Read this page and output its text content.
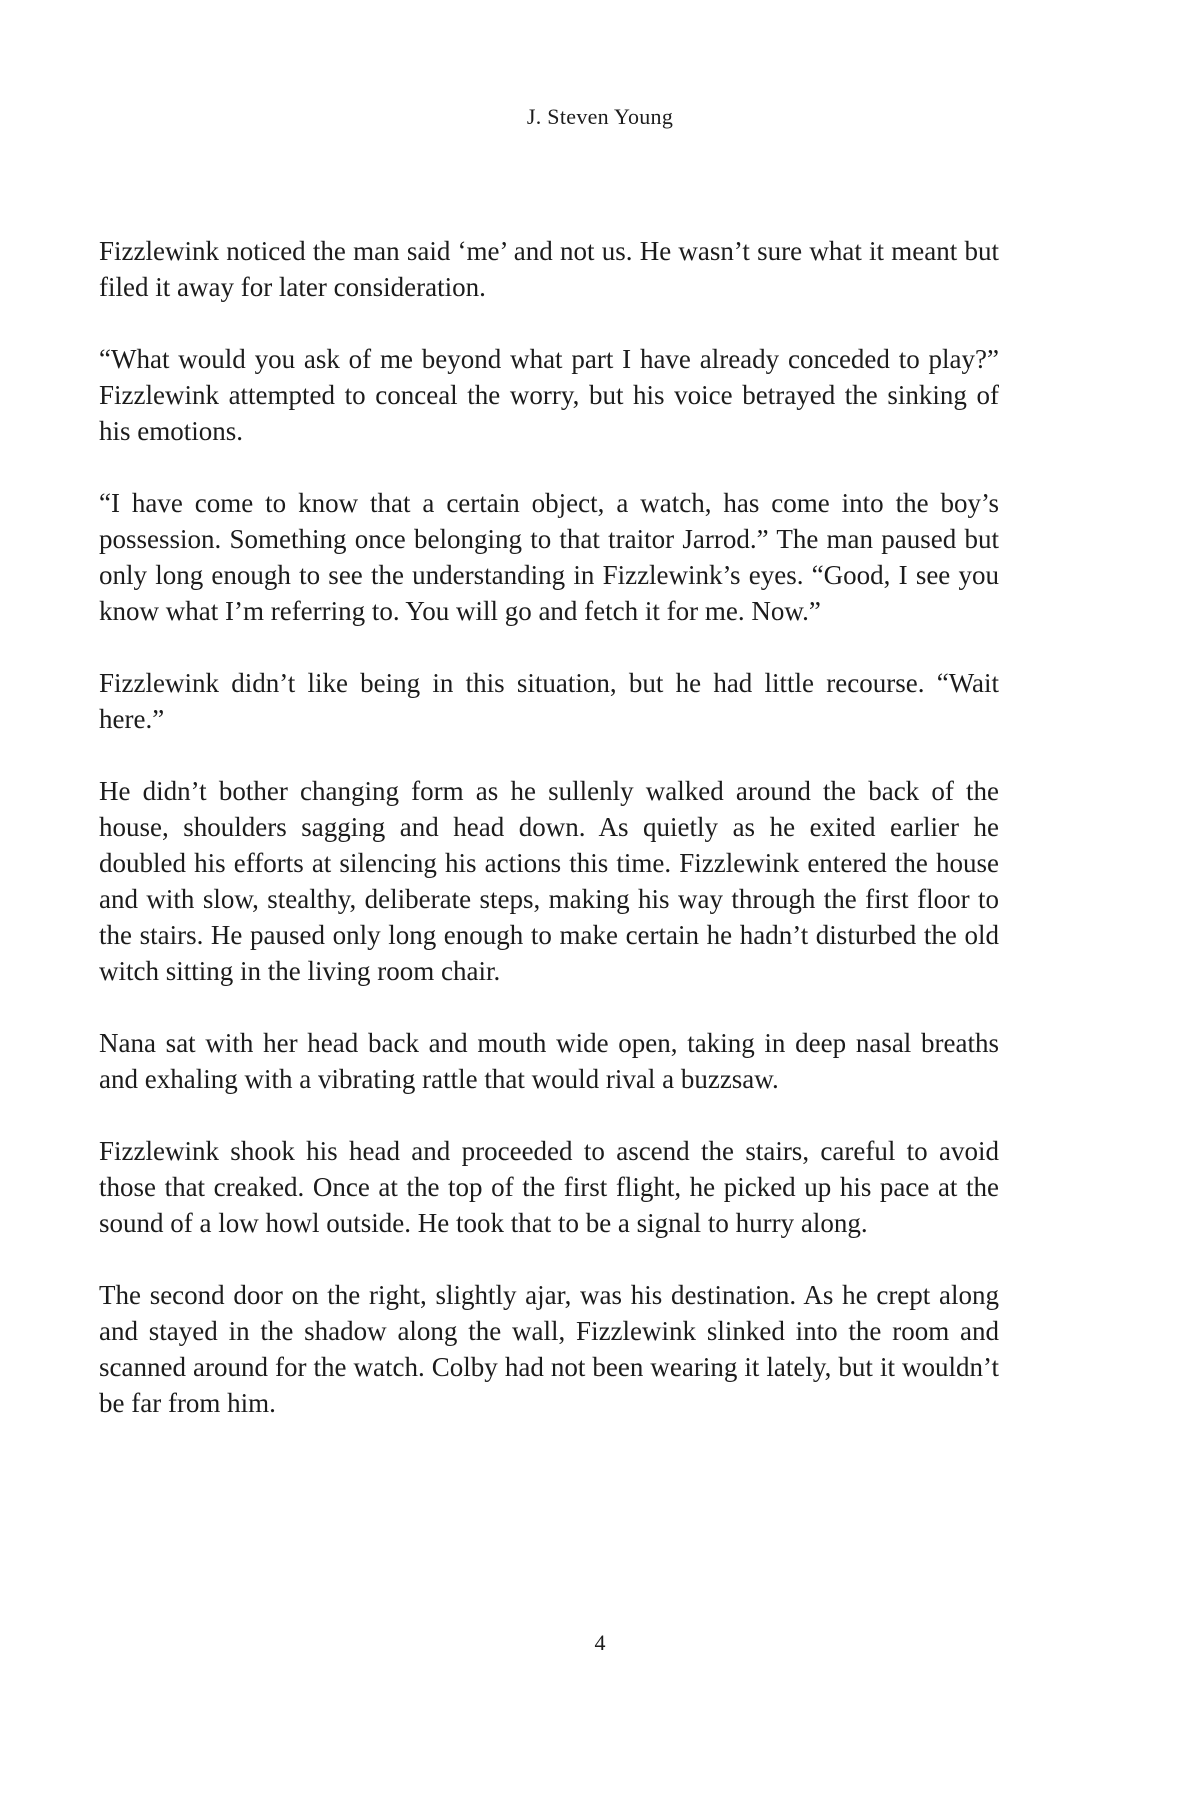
J. Steven Young

Fizzlewink noticed the man said ‘me’ and not us. He wasn’t sure what it meant but filed it away for later consideration.

“What would you ask of me beyond what part I have already conceded to play?” Fizzlewink attempted to conceal the worry, but his voice betrayed the sinking of his emotions.

“I have come to know that a certain object, a watch, has come into the boy’s possession. Something once belonging to that traitor Jarrod.” The man paused but only long enough to see the understanding in Fizzlewink’s eyes. “Good, I see you know what I’m referring to. You will go and fetch it for me. Now.”

Fizzlewink didn’t like being in this situation, but he had little recourse. “Wait here.”

He didn’t bother changing form as he sullenly walked around the back of the house, shoulders sagging and head down. As quietly as he exited earlier he doubled his efforts at silencing his actions this time. Fizzlewink entered the house and with slow, stealthy, deliberate steps, making his way through the first floor to the stairs. He paused only long enough to make certain he hadn’t disturbed the old witch sitting in the living room chair.

Nana sat with her head back and mouth wide open, taking in deep nasal breaths and exhaling with a vibrating rattle that would rival a buzzsaw.

Fizzlewink shook his head and proceeded to ascend the stairs, careful to avoid those that creaked. Once at the top of the first flight, he picked up his pace at the sound of a low howl outside. He took that to be a signal to hurry along.

The second door on the right, slightly ajar, was his destination. As he crept along and stayed in the shadow along the wall, Fizzlewink slinked into the room and scanned around for the watch. Colby had not been wearing it lately, but it wouldn’t be far from him.

4
